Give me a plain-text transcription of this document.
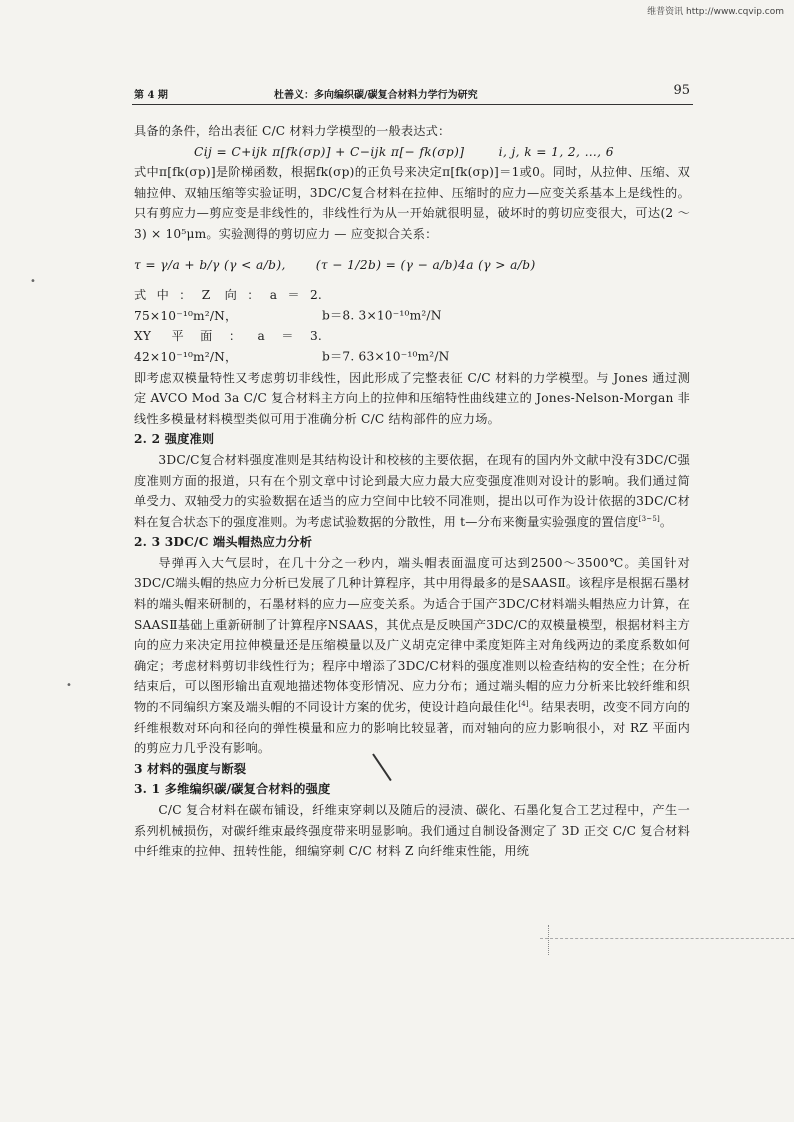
维普资讯 http://www.cqvip.com
第 4 期	杜善义：多向编织碳/碳复合材料力学行为研究	95

具备的条件，给出表征 C/C 材料力学模型的一般表达式：

Cij = C+ijk π[fk(σp)] + C−ijk π[− fk(σp)]	i, j, k = 1, 2, …, 6

式中π[fk(σp)]是阶梯函数，根据fk(σp)的正负号来决定π[fk(σp)]＝1或0。同时，从拉伸、压缩、双轴拉伸、双轴压缩等实验证明，3DC/C复合材料在拉伸、压缩时的应力—应变关系基本上是线性的。只有剪应力—剪应变是非线性的，非线性行为从一开始就很明显，破坏时的剪切应变很大，可达(2 ～ 3) × 10⁵μm。实验测得的剪切应力 — 应变拟合关系：

τ = γ/a + b/γ (γ < a/b), (τ − 1/2b) = (γ − a/b)4a (γ > a/b)

式中：Z 向：a＝2. 75×10⁻¹⁰m²/N，	b＝8. 3×10⁻¹⁰m²/N

XY 平面：a＝3. 42×10⁻¹⁰m²/N，	b＝7. 63×10⁻¹⁰m²/N

即考虑双模量特性又考虑剪切非线性，因此形成了完整表征 C/C 材料的力学模型。与 Jones 通过测定 AVCO Mod 3a C/C 复合材料主方向上的拉伸和压缩特性曲线建立的 Jones-Nelson-Morgan 非线性多模量材料模型类似可用于准确分析 C/C 结构部件的应力场。

2. 2 强度准则

3DC/C复合材料强度准则是其结构设计和校核的主要依据，在现有的国内外文献中没有3DC/C强度准则方面的报道，只有在个别文章中讨论到最大应力最大应变强度准则对设计的影响。我们通过简单受力、双轴受力的实验数据在适当的应力空间中比较不同准则，提出以可作为设计依据的3DC/C材料在复合状态下的强度准则。为考虑试验数据的分散性，用 t—分布来衡量实验强度的置信度[3~5]。

2. 3 3DC/C 端头帽热应力分析

导弹再入大气层时，在几十分之一秒内，端头帽表面温度可达到2500～3500℃。美国针对3DC/C端头帽的热应力分析已发展了几种计算程序，其中用得最多的是SAASⅡ。该程序是根据石墨材料的端头帽来研制的，石墨材料的应力—应变关系。为适合于国产3DC/C材料端头帽热应力计算，在SAASⅡ基础上重新研制了计算程序NSAAS，其优点是反映国产3DC/C的双模量模型，根据材料主方向的应力来决定用拉伸模量还是压缩模量以及广义胡克定律中柔度矩阵主对角线两边的柔度系数如何确定；考虑材料剪切非线性行为；程序中增添了3DC/C材料的强度准则以检查结构的安全性；在分析结束后，可以图形输出直观地描述物体变形情况、应力分布；通过端头帽的应力分析来比较纤维和织物的不同编织方案及端头帽的不同设计方案的优劣，使设计趋向最佳化[4]。结果表明，改变不同方向的纤维根数对环向和径向的弹性模量和应力的影响比较显著，而对轴向的应力影响很小，对 RZ 平面内的剪应力几乎没有影响。

3 材料的强度与断裂

3. 1 多维编织碳/碳复合材料的强度

C/C 复合材料在碳布铺设，纤维束穿刺以及随后的浸渍、碳化、石墨化复合工艺过程中，产生一系列机械损伤，对碳纤维束最终强度带来明显影响。我们通过自制设备测定了 3D 正交 C/C 复合材料中纤维束的拉伸、扭转性能，细编穿刺 C/C 材料 Z 向纤维束性能，用统

•
•
